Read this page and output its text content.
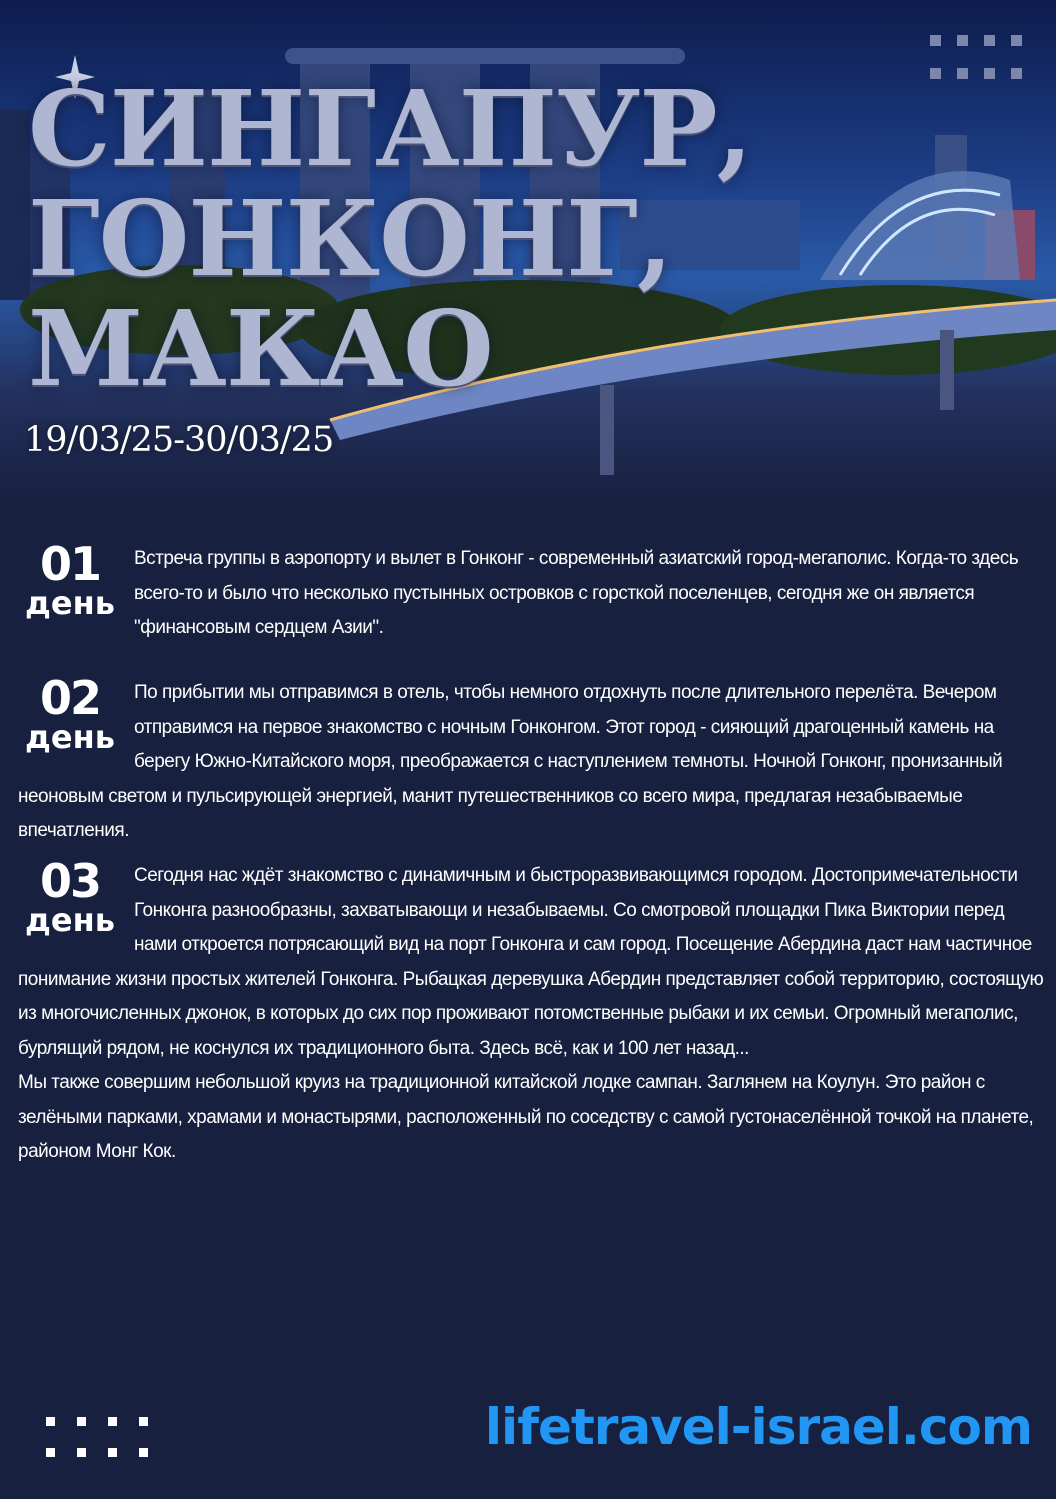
СИНГАПУР,
ГОНКОНГ,
МАКАО
19/03/25-30/03/25
01
день

Встреча группы в аэропорту и вылет в Гонконг - современный азиатский город-мегаполис. Когда-то здесь всего-то и было что несколько пустынных островков с горсткой поселенцев, сегодня же он является "финансовым сердцем Азии".

02
день

По прибытии мы отправимся в отель, чтобы немного отдохнуть после длительного перелёта. Вечером отправимся на первое знакомство с ночным Гонконгом. Этот город - сияющий драгоценный камень на берегу Южно-Китайского моря, преображается с наступлением темноты. Ночной Гонконг, пронизанный неоновым светом и пульсирующей энергией, манит путешественников со всего мира, предлагая незабываемые впечатления.

03
день

Сегодня нас ждёт знакомство с динамичным и быстроразвивающимся городом. Достопримечательности Гонконга разнообразны, захватывающи и незабываемы. Со смотровой площадки Пика Виктории перед нами откроется потрясающий вид на порт Гонконга и сам город. Посещение Абердина даст нам частичное понимание жизни простых жителей Гонконга. Рыбацкая деревушка Абердин представляет собой территорию, состоящую из многочисленных джонок, в которых до сих пор проживают потомственные рыбаки и их семьи. Огромный мегаполис, бурлящий рядом, не коснулся их традиционного быта. Здесь всё, как и 100 лет назад...

Мы также совершим небольшой круиз на традиционной китайской лодке сампан. Заглянем на Коулун. Это район с зелёными парками, храмами и монастырями, расположенный по соседству с самой густонаселённой точкой на планете, районом Монг Кок.

lifetravel-israel.com
